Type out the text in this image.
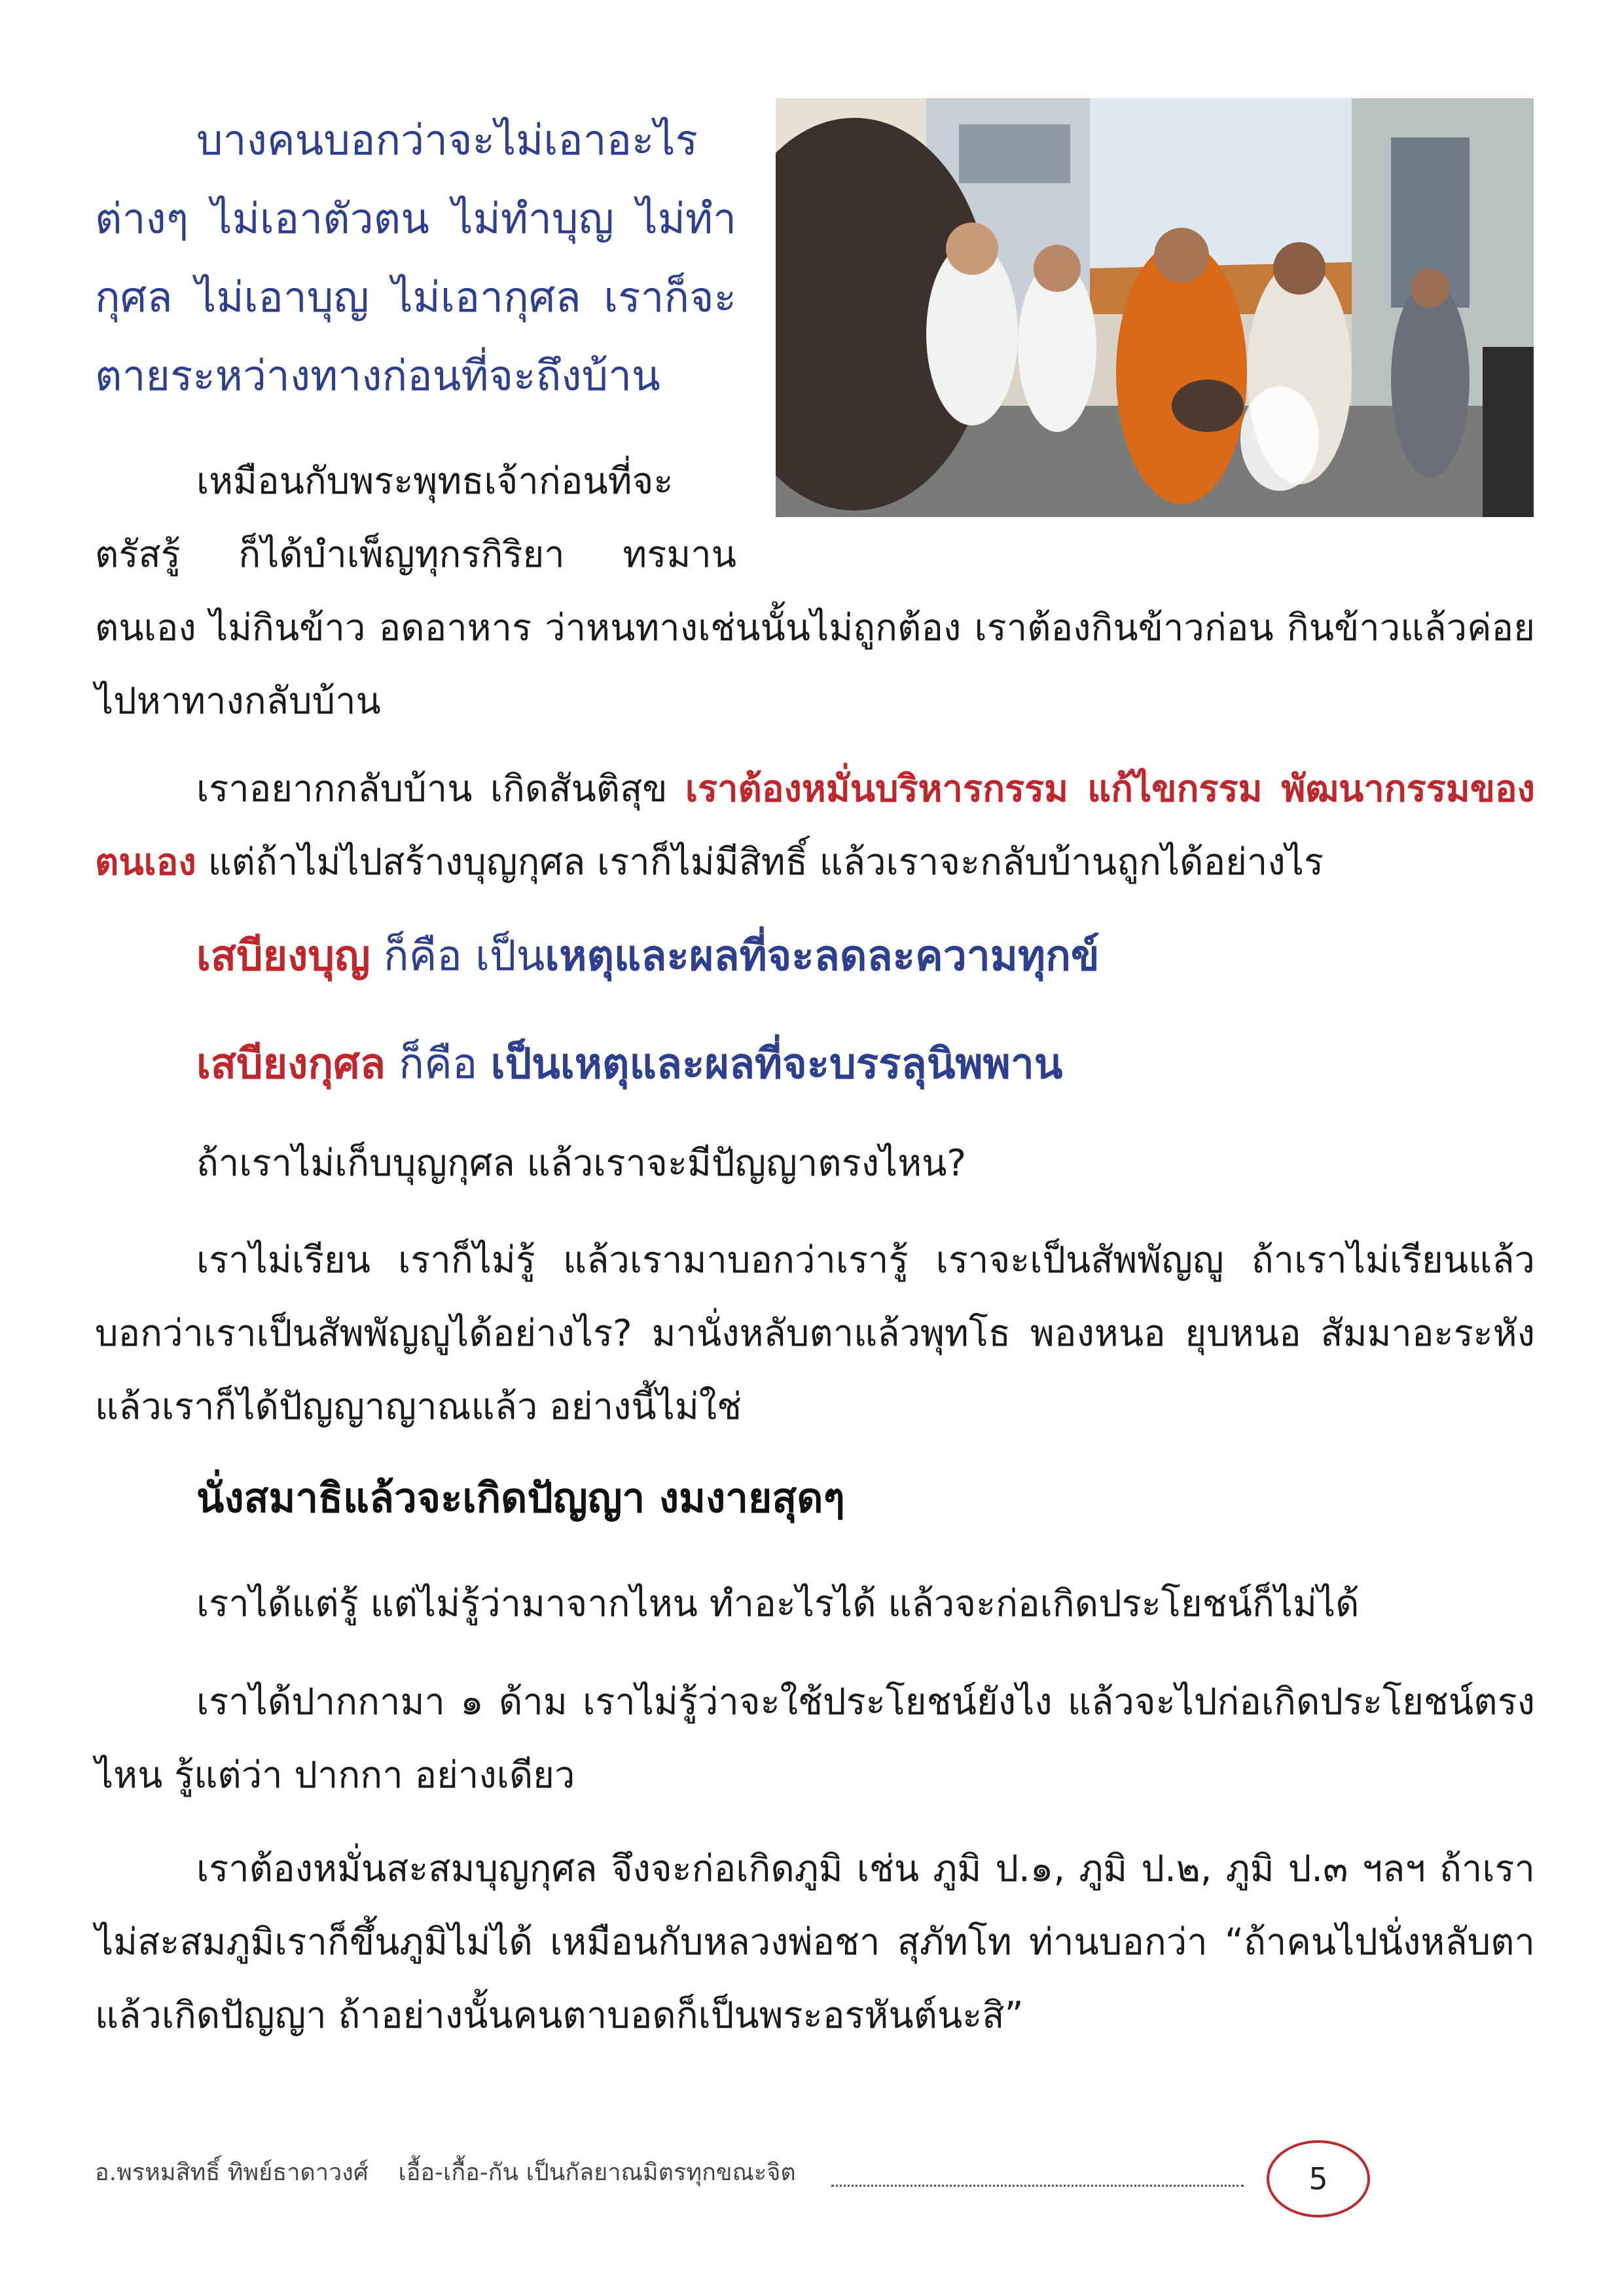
บางคนบอกว่าจะไม่เอาอะไร

ต่างๆ ไม่เอาตัวตน ไม่ทำบุญ ไม่ทำ

กุศล ไม่เอาบุญ ไม่เอากุศล เราก็จะ

ตายระหว่างทางก่อนที่จะถึงบ้าน

เหมือนกับพระพุทธเจ้าก่อนที่จะ

ตรัสรู้ ก็ได้บำเพ็ญทุกรกิริยา ทรมาน

ตนเอง ไม่กินข้าว อดอาหาร ว่าหนทางเช่นนั้นไม่ถูกต้อง เราต้องกินข้าวก่อน กินข้าวแล้วค่อยไปหาทางกลับบ้าน

เราอยากกลับบ้าน เกิดสันติสุข เราต้องหมั่นบริหารกรรม แก้ไขกรรม พัฒนากรรมของตนเอง แต่ถ้าไม่ไปสร้างบุญกุศล เราก็ไม่มีสิทธิ์ แล้วเราจะกลับบ้านถูกได้อย่างไร

เสบียงบุญ ก็คือ เป็นเหตุและผลที่จะลดละความทุกข์

เสบียงกุศล ก็คือ เป็นเหตุและผลที่จะบรรลุนิพพาน

ถ้าเราไม่เก็บบุญกุศล แล้วเราจะมีปัญญาตรงไหน?

เราไม่เรียน เราก็ไม่รู้ แล้วเรามาบอกว่าเรารู้ เราจะเป็นสัพพัญญู ถ้าเราไม่เรียนแล้วบอกว่าเราเป็นสัพพัญญูได้อย่างไร? มานั่งหลับตาแล้วพุทโธ พองหนอ ยุบหนอ สัมมาอะระหัง แล้วเราก็ได้ปัญญาญาณแล้ว อย่างนี้ไม่ใช่

นั่งสมาธิแล้วจะเกิดปัญญา งมงายสุดๆ

เราได้แต่รู้ แต่ไม่รู้ว่ามาจากไหน ทำอะไรได้ แล้วจะก่อเกิดประโยชน์ก็ไม่ได้

เราได้ปากกามา ๑ ด้าม เราไม่รู้ว่าจะใช้ประโยชน์ยังไง แล้วจะไปก่อเกิดประโยชน์ตรงไหน รู้แต่ว่า ปากกา อย่างเดียว

เราต้องหมั่นสะสมบุญกุศล จึงจะก่อเกิดภูมิ เช่น ภูมิ ป.๑, ภูมิ ป.๒, ภูมิ ป.๓ ฯลฯ ถ้าเราไม่สะสมภูมิเราก็ขึ้นภูมิไม่ได้ เหมือนกับหลวงพ่อชา สุภัทโท ท่านบอกว่า “ถ้าคนไปนั่งหลับตาแล้วเกิดปัญญา ถ้าอย่างนั้นคนตาบอดก็เป็นพระอรหันต์นะสิ”

อ.พรหมสิทธิ์ ทิพย์ธาดาวงศ์ เอื้อ-เกื้อ-กัน เป็นกัลยาณมิตรทุกขณะจิต	5
